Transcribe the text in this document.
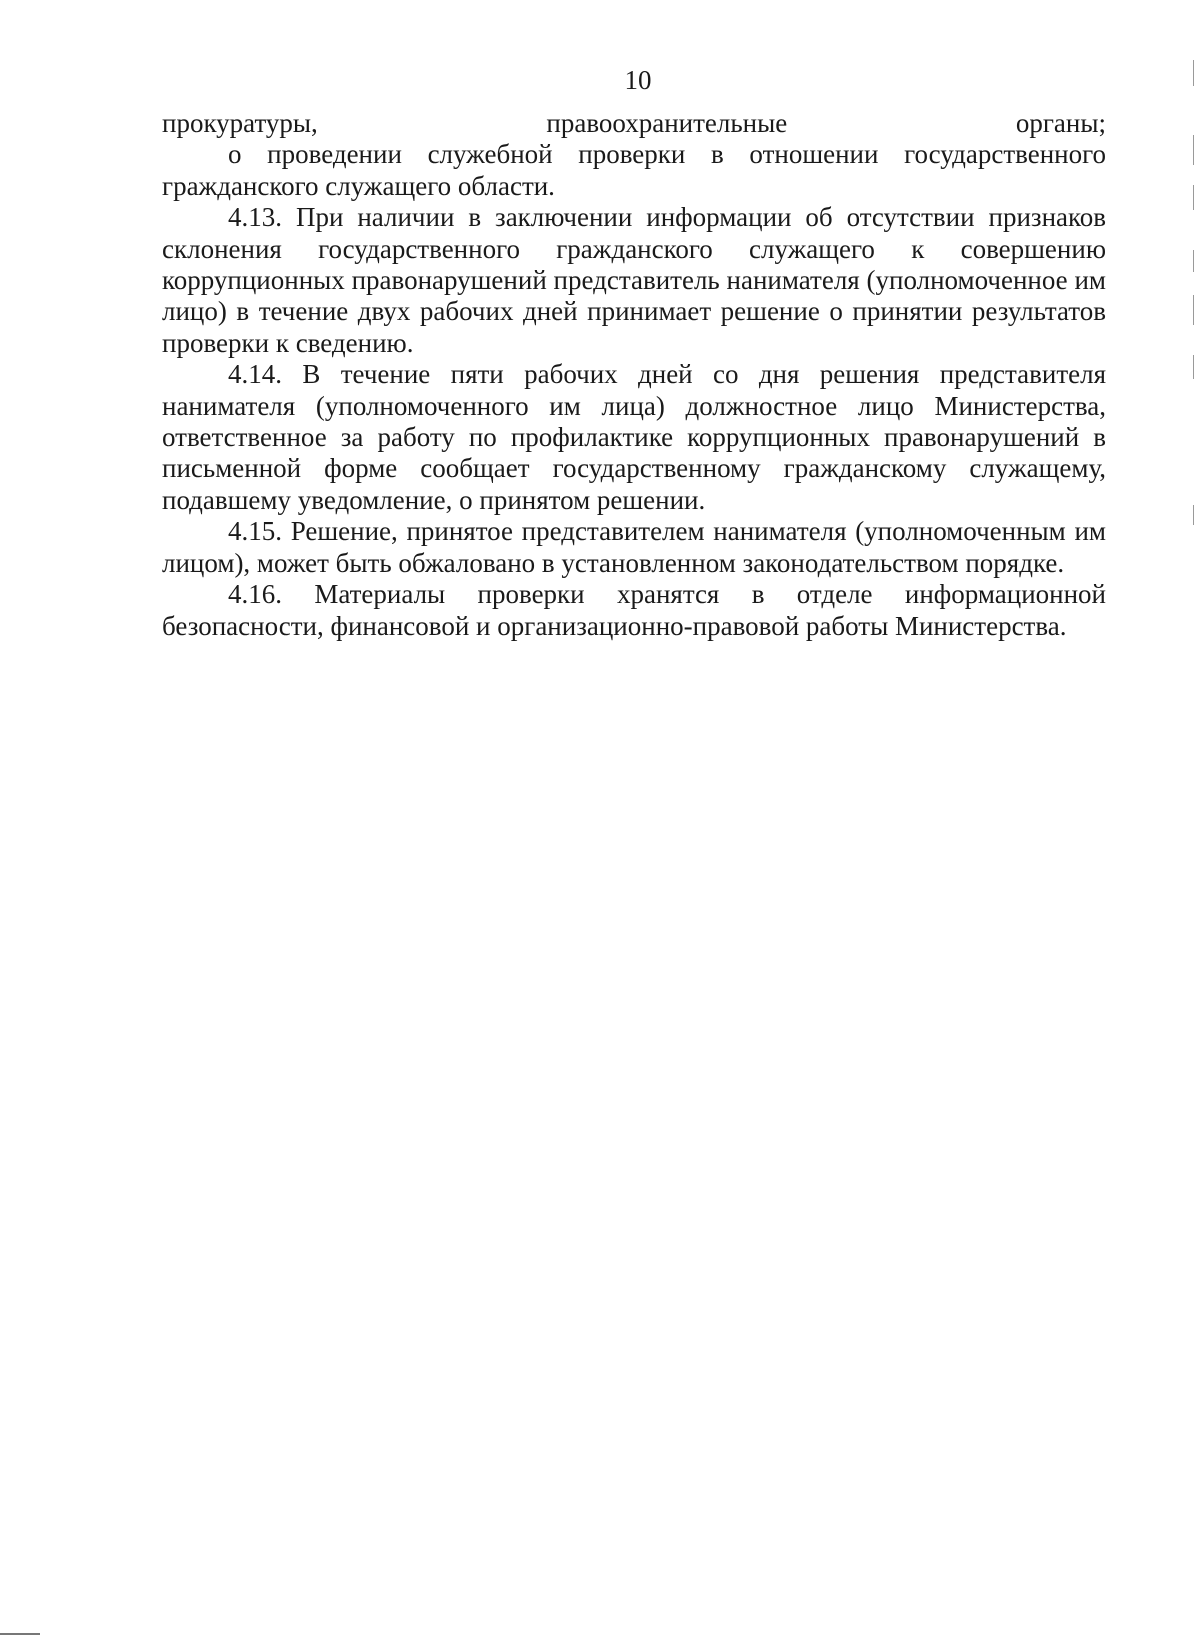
10

прокуратуры, правоохранительные органы;

о проведении служебной проверки в отношении государственного гражданского служащего области.

4.13. При наличии в заключении информации об отсутствии признаков склонения государственного гражданского служащего к совершению коррупционных правонарушений представитель нанимателя (уполномоченное им лицо) в течение двух рабочих дней принимает решение о принятии результатов проверки к сведению.

4.14. В течение пяти рабочих дней со дня решения представителя нанимателя (уполномоченного им лица) должностное лицо Министерства, ответственное за работу по профилактике коррупционных правонарушений в письменной форме сообщает государственному гражданскому служащему, подавшему уведомление, о принятом решении.

4.15. Решение, принятое представителем нанимателя (уполномоченным им лицом), может быть обжаловано в установленном законодательством порядке.

4.16. Материалы проверки хранятся в отделе информационной безопасности, финансовой и организационно-правовой работы Министерства.
